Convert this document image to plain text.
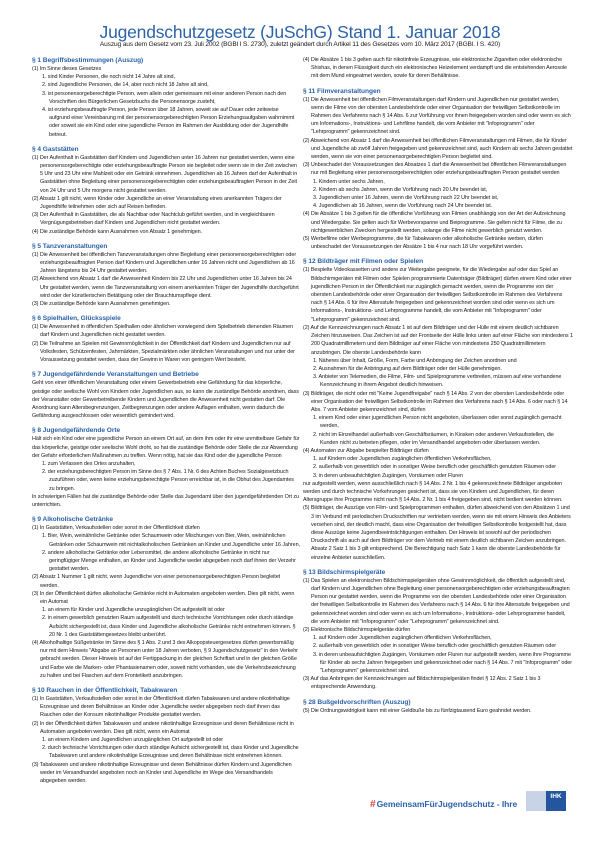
Jugendschutzgesetz (JuSchG) Stand 1. Januar 2018
Auszug aus dem Gesetz vom 23. Juli 2002 (BGBl I S. 2730), zuletzt geändert durch Artikel 11 des Gesetzes vom 10. März 2017 (BGBl. I S. 420)
§ 1 Begriffsbestimmungen (Auszug)
(1) Im Sinne dieses Gesetzes
1. sind Kinder Personen, die noch nicht 14 Jahre alt sind,
2. sind Jugendliche Personen, die 14, aber noch nicht 18 Jahre alt sind,
3. ist personensorgeberechtigte Person, wem allein oder gemeinsam mit einer anderen Person nach den Vorschriften des Bürgerlichen Gesetzbuchs die Personensorge zusteht,
4. ist erziehungsbeauftragte Person, jede Person über 18 Jahren, soweit sie auf Dauer oder zeitweise aufgrund einer Vereinbarung mit der personensorgeberechtigten Person Erziehungsaufgaben wahrnimmt oder soweit sie ein Kind oder eine jugendliche Person im Rahmen der Ausbildung oder der Jugendhilfe betreut.
§ 4 Gaststätten
(1) Der Aufenthalt in Gaststätten darf Kindern und Jugendlichen unter 16 Jahren nur gestattet werden, wenn eine personensorgeberechtigte oder erziehungsbeauftragte Person sie begleitet oder wenn sie in der Zeit zwischen 5 Uhr und 23 Uhr eine Mahlzeit oder ein Getränk einnehmen. Jugendlichen ab 16 Jahren darf der Aufenthalt in Gaststätten ohne Begleitung einer personensorgeberechtigten oder erziehungsbeauftragten Person in der Zeit von 24 Uhr und 5 Uhr morgens nicht gestattet werden.
(2) Absatz 1 gilt nicht, wenn Kinder oder Jugendliche an einer Veranstaltung eines anerkannten Trägers der Jugendhilfe teilnehmen oder sich auf Reisen befinden.
(3) Der Aufenthalt in Gaststätten, die als Nachtbar oder Nachtclub geführt werden, und in vergleichbaren Vergnügungsbetrieben darf Kindern und Jugendlichen nicht gestattet werden.
(4) Die zuständige Behörde kann Ausnahmen von Absatz 1 genehmigen.
§ 5 Tanzveranstaltungen
(1) Die Anwesenheit bei öffentlichen Tanzveranstaltungen ohne Begleitung einer personensorgeberechtigten oder erziehungsbeauftragten Person darf Kindern und Jugendlichen unter 16 Jahren nicht und Jugendlichen ab 16 Jahren längstens bis 24 Uhr gestattet werden.
(2) Abweichend von Absatz 1 darf die Anwesenheit Kindern bis 22 Uhr und Jugendlichen unter 16 Jahren bis 24 Uhr gestattet werden, wenn die Tanzveranstaltung von einem anerkannten Träger der Jugendhilfe durchgeführt wird oder der künstlerischen Betätigung oder der Brauchtumspflege dient.
(3) Die zuständige Behörde kann Ausnahmen genehmigen.
§ 6 Spielhallen, Glücksspiele
(1) Die Anwesenheit in öffentlichen Spielhallen oder ähnlichen vorwiegend dem Spielbetrieb dienenden Räumen darf Kindern und Jugendlichen nicht gestattet werden.
(2) Die Teilnahme an Spielen mit Gewinnmöglichkeit in der Öffentlichkeit darf Kindern und Jugendlichen nur auf Volksfesten, Schützenfesten, Jahrmärkten, Spezialmärkten oder ähnlichen Veranstaltungen und nur unter der Voraussetzung gestattet werden, dass der Gewinn in Waren von geringem Wert besteht.
§ 7 Jugendgefährdende Veranstaltungen und Betriebe
Geht von einer öffentlichen Veranstaltung oder einem Gewerbebetrieb eine Gefährdung für das körperliche, geistige oder seelische Wohl von Kindern oder Jugendlichen aus, so kann die zuständige Behörde anordnen, dass der Veranstalter oder Gewerbetreibende Kindern und Jugendlichen die Anwesenheit nicht gestatten darf. Die Anordnung kann Altersbegrenzungen, Zeitbegrenzungen oder andere Auflagen enthalten, wenn dadurch die Gefährdung ausgeschlossen oder wesentlich gemindert wird.
§ 8 Jugendgefährdende Orte
Hält sich ein Kind oder eine jugendliche Person an einem Ort auf, an dem ihm oder ihr eine unmittelbare Gefahr für das körperliche, geistige oder seelische Wohl droht, so hat die zuständige Behörde oder Stelle die zur Abwendung der Gefahr erforderlichen Maßnahmen zu treffen. Wenn nötig, hat sie das Kind oder die jugendliche Person
1. zum Verlassen des Ortes anzuhalten,
2. der erziehungsberechtigten Person im Sinne des § 7 Abs. 1 Nr. 6 des Achten Buches Sozialgesetzbuch zuzuführen oder, wenn keine erziehungsberechtigte Person erreichbar ist, in die Obhut des Jugendamtes zu bringen.
In schwierigen Fällen hat die zuständige Behörde oder Stelle das Jugendamt über den jugendgefährdenden Ort zu unterrichten.
§ 9 Alkoholische Getränke
(1) In Gaststätten, Verkaufsstellen oder sonst in der Öffentlichkeit dürfen
1. Bier, Wein, weinähnliche Getränke oder Schaumwein oder Mischungen von Bier, Wein, weinähnlichen Getränken oder Schaumwein mit nichtalkoholischen Getränken an Kinder und Jugendliche unter 16 Jahren,
2. andere alkoholische Getränke oder Lebensmittel, die andere alkoholische Getränke in nicht nur geringfügiger Menge enthalten, an Kinder und Jugendliche weder abgegeben noch darf ihnen der Verzehr gestattet werden.
(2) Absatz 1 Nummer 1 gilt nicht, wenn Jugendliche von einer personensorgeberechtigten Person begleitet werden.
(3) In der Öffentlichkeit dürfen alkoholische Getränke nicht in Automaten angeboten werden. Dies gilt nicht, wenn ein Automat
1. an einem für Kinder und Jugendliche unzugänglichen Ort aufgestellt ist oder
2. in einem gewerblich genutzten Raum aufgestellt und durch technische Vorrichtungen oder durch ständige Aufsicht sichergestellt ist, dass Kinder und Jugendliche alkoholische Getränke nicht entnehmen können. § 20 Nr. 1 des Gaststättengesetzes bleibt unberührt.
(4) Alkoholhaltige Süßgetränke im Sinne des § 1 Abs. 2 und 3 des Alkopopsteuergesetzes dürfen gewerbsmäßig nur mit dem Hinweis "Abgabe an Personen unter 18 Jahren verboten, § 9 Jugendschutzgesetz" in den Verkehr gebracht werden. Dieser Hinweis ist auf der Fertigpackung in der gleichen Schriftart und in der gleichen Größe und Farbe wie die Marken- oder Phantasienamen oder, soweit nicht vorhanden, wie die Verkehrsbezeichnung zu halten und bei Flaschen auf dem Frontetikett anzubringen.
§ 10 Rauchen in der Öffentlichkeit, Tabakwaren
(1) In Gaststätten, Verkaufsstellen oder sonst in der Öffentlichkeit dürfen Tabakwaren und andere nikotinhaltige Erzeugnisse und deren Behältnisse an Kinder oder Jugendliche weder abgegeben noch darf ihnen das Rauchen oder der Konsum nikotinhaltiger Produkte gestattet werden.
(2) In der Öffentlichkeit dürfen Tabakwaren und andere nikotinhaltige Erzeugnisse und deren Behältnisse nicht in Automaten angeboten werden. Dies gilt nicht, wenn ein Automat
1. an einem Kindern und Jugendlichen unzugänglichen Ort aufgestellt ist oder
2. durch technische Vorrichtungen oder durch ständige Aufsicht sichergestellt ist, dass Kinder und Jugendliche Tabakwaren und andere nikotinhaltige Erzeugnisse und deren Behältnisse nicht entnehmen können.
(3) Tabakwaren und andere nikotinhaltige Erzeugnisse und deren Behältnisse dürfen Kindern und Jugendlichen weder im Versandhandel angeboten noch an Kinder und Jugendliche im Wege des Versandhandels abgegeben werden.
(4) Die Absätze 1 bis 3 gelten auch für nikotinfreie Erzeugnisse, wie elektronische Zigaretten oder elektronische Shishas, in denen Flüssigkeit durch ein elektronisches Heizelement verdampft und die entstehenden Aerosole mit dem Mund eingeatmet werden, sowie für deren Behältnisse.
§ 11 Filmveranstaltungen
(1) Die Anwesenheit bei öffentlichen Filmveranstaltungen darf Kindern und Jugendlichen nur gestattet werden, wenn die Filme von der obersten Landesbehörde oder einer Organisation der freiwilligen Selbstkontrolle im Rahmen des Verfahrens nach § 14 Abs. 6 zur Vorführung vor ihnen freigegeben worden sind oder wenn es sich um Informations-, Instruktions- und Lehrfilme handelt, die vom Anbieter mit "Infoprogramm" oder "Lehrprogramm" gekennzeichnet sind.
(2) Abweichend von Absatz 1 darf die Anwesenheit bei öffentlichen Filmveranstaltungen mit Filmen, die für Kinder und Jugendliche ab zwölf Jahren freigegeben und gekennzeichnet sind, auch Kindern ab sechs Jahren gestattet werden, wenn sie von einer personensorgeberechtigten Person begleitet sind.
(3) Unbeschadet der Voraussetzungen des Absatzes 1 darf die Anwesenheit bei öffentlichen Filmveranstaltungen nur mit Begleitung einer personensorgeberechtigten oder erziehungsbeauftragten Person gestattet werden
1. Kindern unter sechs Jahren,
2. Kindern ab sechs Jahren, wenn die Vorführung nach 20 Uhr beendet ist,
3. Jugendlichen unter 16 Jahren, wenn die Vorführung nach 22 Uhr beendet ist,
4. Jugendlichen ab 16 Jahren, wenn die Vorführung nach 24 Uhr beendet ist.
(4) Die Absätze 1 bis 3 gelten für die öffentliche Vorführung von Filmen unabhängig von der Art der Aufzeichnung und Wiedergabe. Sie gelten auch für Werbevorspanne und Beiprogramme. Sie gelten nicht für Filme, die zu nichtgewerblichen Zwecken hergestellt werden, solange die Filme nicht gewerblich genutzt werden.
(5) Werbefilme oder Werbeprogramme, die für Tabakwaren oder alkoholische Getränke werben, dürfen unbeschadet der Voraussetzungen der Absätze 1 bis 4 nur nach 18 Uhr vorgeführt werden.
§ 12 Bildträger mit Filmen oder Spielen
(1) Bespielte Videokassetten und andere zur Weitergabe geeignete, für die Wiedergabe auf oder das Spiel an Bildschirmgeräten mit Filmen oder Spielen programmierte Datenträger (Bildträger) dürfen einem Kind oder einer jugendlichen Person in der Öffentlichkeit nur zugänglich gemacht werden, wenn die Programme von der obersten Landesbehörde oder einer Organisation der freiwilligen Selbstkontrolle im Rahmen des Verfahrens nach § 14 Abs. 6 für ihre Altersstufe freigegeben und gekennzeichnet worden sind oder wenn es sich um Informations-, Instruktions- und Lehrprogramme handelt, die vom Anbieter mit "Infoprogramm" oder "Lehrprogramm" gekennzeichnet sind.
(2) Auf die Kennzeichnungen nach Absatz 1 ist auf dem Bildträger und der Hülle mit einem deutlich sichtbaren Zeichen hinzuweisen. Das Zeichen ist auf der Frontseite der Hülle links unten auf einer Fläche von mindestens 1 200 Quadratmillimetern und dem Bildträger auf einer Fläche von mindestens 250 Quadratmillimetern anzubringen. Die oberste Landesbehörde kann
1. Näheres über Inhalt, Größe, Form, Farbe und Anbringung der Zeichen anordnen und
2. Ausnahmen für die Anbringung auf dem Bildträger oder der Hülle genehmigen.
3. Anbieter von Telemedien, die Filme, Film- und Spielprogramme verbreiten, müssen auf eine vorhandene Kennzeichnung in ihrem Angebot deutlich hinweisen.
(3) Bildträger, die nicht oder mit "Keine Jugendfreigabe" nach § 14 Abs. 2 von der obersten Landesbehörde oder einer Organisation der freiwilligen Selbstkontrolle im Rahmen des Verfahrens nach § 14 Abs. 6 oder nach § 14 Abs. 7 vom Anbieter gekennzeichnet sind, dürfen
1. einem Kind oder einer jugendlichen Person nicht angeboten, überlassen oder sonst zugänglich gemacht werden,
2. nicht im Einzelhandel außerhalb von Geschäftsräumen, in Kiosken oder anderen Verkaufsstellen, die Kunden nicht zu betreten pflegen, oder im Versandhandel angeboten oder überlassen werden.
(4) Automaten zur Abgabe bespielter Bildträger dürfen
1. auf Kindern oder Jugendlichen zugänglichen öffentlichen Verkehrsflächen,
2. außerhalb von gewerblich oder in sonstiger Weise beruflich oder geschäftlich genutzten Räumen oder
3. in deren unbeaufsichtigten Zugängen, Vorräumen oder Fluren
nur aufgestellt werden, wenn ausschließlich nach § 14 Abs. 2 Nr. 1 bis 4 gekennzeichnete Bildträger angeboten werden und durch technische Vorkehrungen gesichert ist, dass sie von Kindern und Jugendlichen, für deren Altersgruppe ihre Programme nicht nach § 14 Abs. 2 Nr. 1 bis 4 freigegeben sind, nicht bedient werden können.
(5) Bildträger, die Auszüge von Film- und Spielprogrammen enthalten, dürfen abweichend von den Absätzen 1 und 3 im Verbund mit periodischen Druckschriften nur vertrieben werden, wenn sie mit einem Hinweis des Anbieters versehen sind, der deutlich macht, dass eine Organisation der freiwilligen Selbstkontrolle festgestellt hat, dass diese Auszüge keine Jugendbeeinträchtigungen enthalten. Der Hinweis ist sowohl auf der periodischen Druckschrift als auch auf dem Bildträger vor dem Vertrieb mit einem deutlich sichtbaren Zeichen anzubringen. Absatz 2 Satz 1 bis 3 gilt entsprechend. Die Berechtigung nach Satz 1 kann die oberste Landesbehörde für einzelne Anbieter ausschließen.
§ 13 Bildschirmspielgeräte
(1) Das Spielen an elektronischen Bildschirmspielgeräten ohne Gewinnmöglichkeit, die öffentlich aufgestellt sind, darf Kindern und Jugendlichen ohne Begleitung einer personensorgeberechtigten oder erziehungsbeauftragten Person nur gestattet werden, wenn die Programme von der obersten Landesbehörde oder einer Organisation der freiwilligen Selbstkontrolle im Rahmen des Verfahrens nach § 14 Abs. 6 für ihre Altersstufe freigegeben und gekennzeichnet worden sind oder wenn es sich um Informations-, Instruktions- oder Lehrprogramme handelt, die vom Anbieter mit "Infoprogramm" oder "Lehrprogramm" gekennzeichnet sind.
(2) Elektronische Bildschirmspielgeräte dürfen
1. auf Kindern oder Jugendlichen zugänglichen öffentlichen Verkehrsflächen,
2. außerhalb von gewerblich oder in sonstiger Weise beruflich oder geschäftlich genutzten Räumen oder
3. in deren unbeaufsichtigten Zugängen, Vorräumen oder Fluren nur aufgestellt werden, wenn ihre Programme für Kinder ab sechs Jahren freigegeben und gekennzeichnet oder nach § 14 Abs. 7 mit "Infoprogramm" oder "Lehrprogramm" gekennzeichnet sind.
(3) Auf das Anbringen der Kennzeichnungen auf Bildschirmspielgeräten findet § 12 Abs. 2 Satz 1 bis 3 entsprechende Anwendung.
§ 28 Bußgeldvorschriften (Auszug)
(5) Die Ordnungswidrigkeit kann mit einer Geldbuße bis zu fünfzigtausend Euro geahndet werden.
# GemeinsamFürJugendschutz - Ihre
IHK
